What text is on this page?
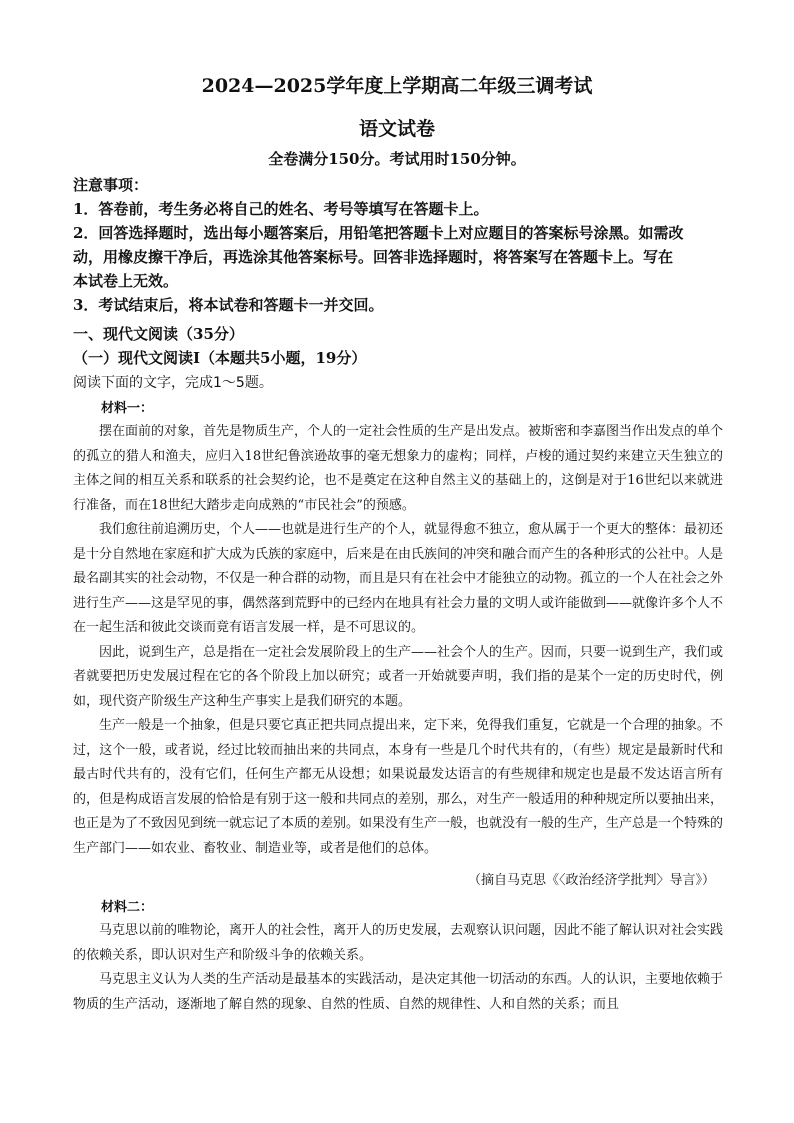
2024—2025学年度上学期高二年级三调考试
语文试卷
全卷满分150分。考试用时150分钟。

注意事项：

1．答卷前，考生务必将自己的姓名、考号等填写在答题卡上。

2．回答选择题时，选出每小题答案后，用铅笔把答题卡上对应题目的答案标号涂黑。如需改

动，用橡皮擦干净后，再选涂其他答案标号。回答非选择题时，将答案写在答题卡上。写在

本试卷上无效。

3．考试结束后，将本试卷和答题卡一并交回。

一、现代文阅读（35分）
（一）现代文阅读Ⅰ（本题共5小题，19分）
阅读下面的文字，完成1～5题。
材料一：

摆在面前的对象，首先是物质生产，个人的一定社会性质的生产是出发点。被斯密和李嘉图当作出发点的单个的孤立的猎人和渔夫，应归入18世纪鲁滨逊故事的毫无想象力的虚构；同样，卢梭的通过契约来建立天生独立的主体之间的相互关系和联系的社会契约论，也不是奠定在这种自然主义的基础上的，这倒是对于16世纪以来就进行准备，而在18世纪大踏步走向成熟的“市民社会”的预感。

我们愈往前追溯历史，个人——也就是进行生产的个人，就显得愈不独立，愈从属于一个更大的整体：最初还是十分自然地在家庭和扩大成为氏族的家庭中，后来是在由氏族间的冲突和融合而产生的各种形式的公社中。人是最名副其实的社会动物，不仅是一种合群的动物，而且是只有在社会中才能独立的动物。孤立的一个人在社会之外进行生产——这是罕见的事，偶然落到荒野中的已经内在地具有社会力量的文明人或许能做到——就像许多个人不在一起生活和彼此交谈而竟有语言发展一样，是不可思议的。

因此，说到生产，总是指在一定社会发展阶段上的生产——社会个人的生产。因而，只要一说到生产，我们或者就要把历史发展过程在它的各个阶段上加以研究；或者一开始就要声明，我们指的是某个一定的历史时代，例如，现代资产阶级生产这种生产事实上是我们研究的本题。

生产一般是一个抽象，但是只要它真正把共同点提出来，定下来，免得我们重复，它就是一个合理的抽象。不过，这个一般，或者说，经过比较而抽出来的共同点，本身有一些是几个时代共有的，（有些）规定是最新时代和最古时代共有的，没有它们，任何生产都无从设想；如果说最发达语言的有些规律和规定也是最不发达语言所有的，但是构成语言发展的恰恰是有别于这一般和共同点的差别，那么，对生产一般适用的种种规定所以要抽出来，也正是为了不致因见到统一就忘记了本质的差别。如果没有生产一般，也就没有一般的生产，生产总是一个特殊的生产部门——如农业、畜牧业、制造业等，或者是他们的总体。

（摘自马克思《〈政治经济学批判〉导言》）
材料二：

马克思以前的唯物论，离开人的社会性，离开人的历史发展，去观察认识问题，因此不能了解认识对社会实践的依赖关系，即认识对生产和阶级斗争的依赖关系。

马克思主义认为人类的生产活动是最基本的实践活动，是决定其他一切活动的东西。人的认识，主要地依赖于物质的生产活动，逐渐地了解自然的现象、自然的性质、自然的规律性、人和自然的关系；而且
